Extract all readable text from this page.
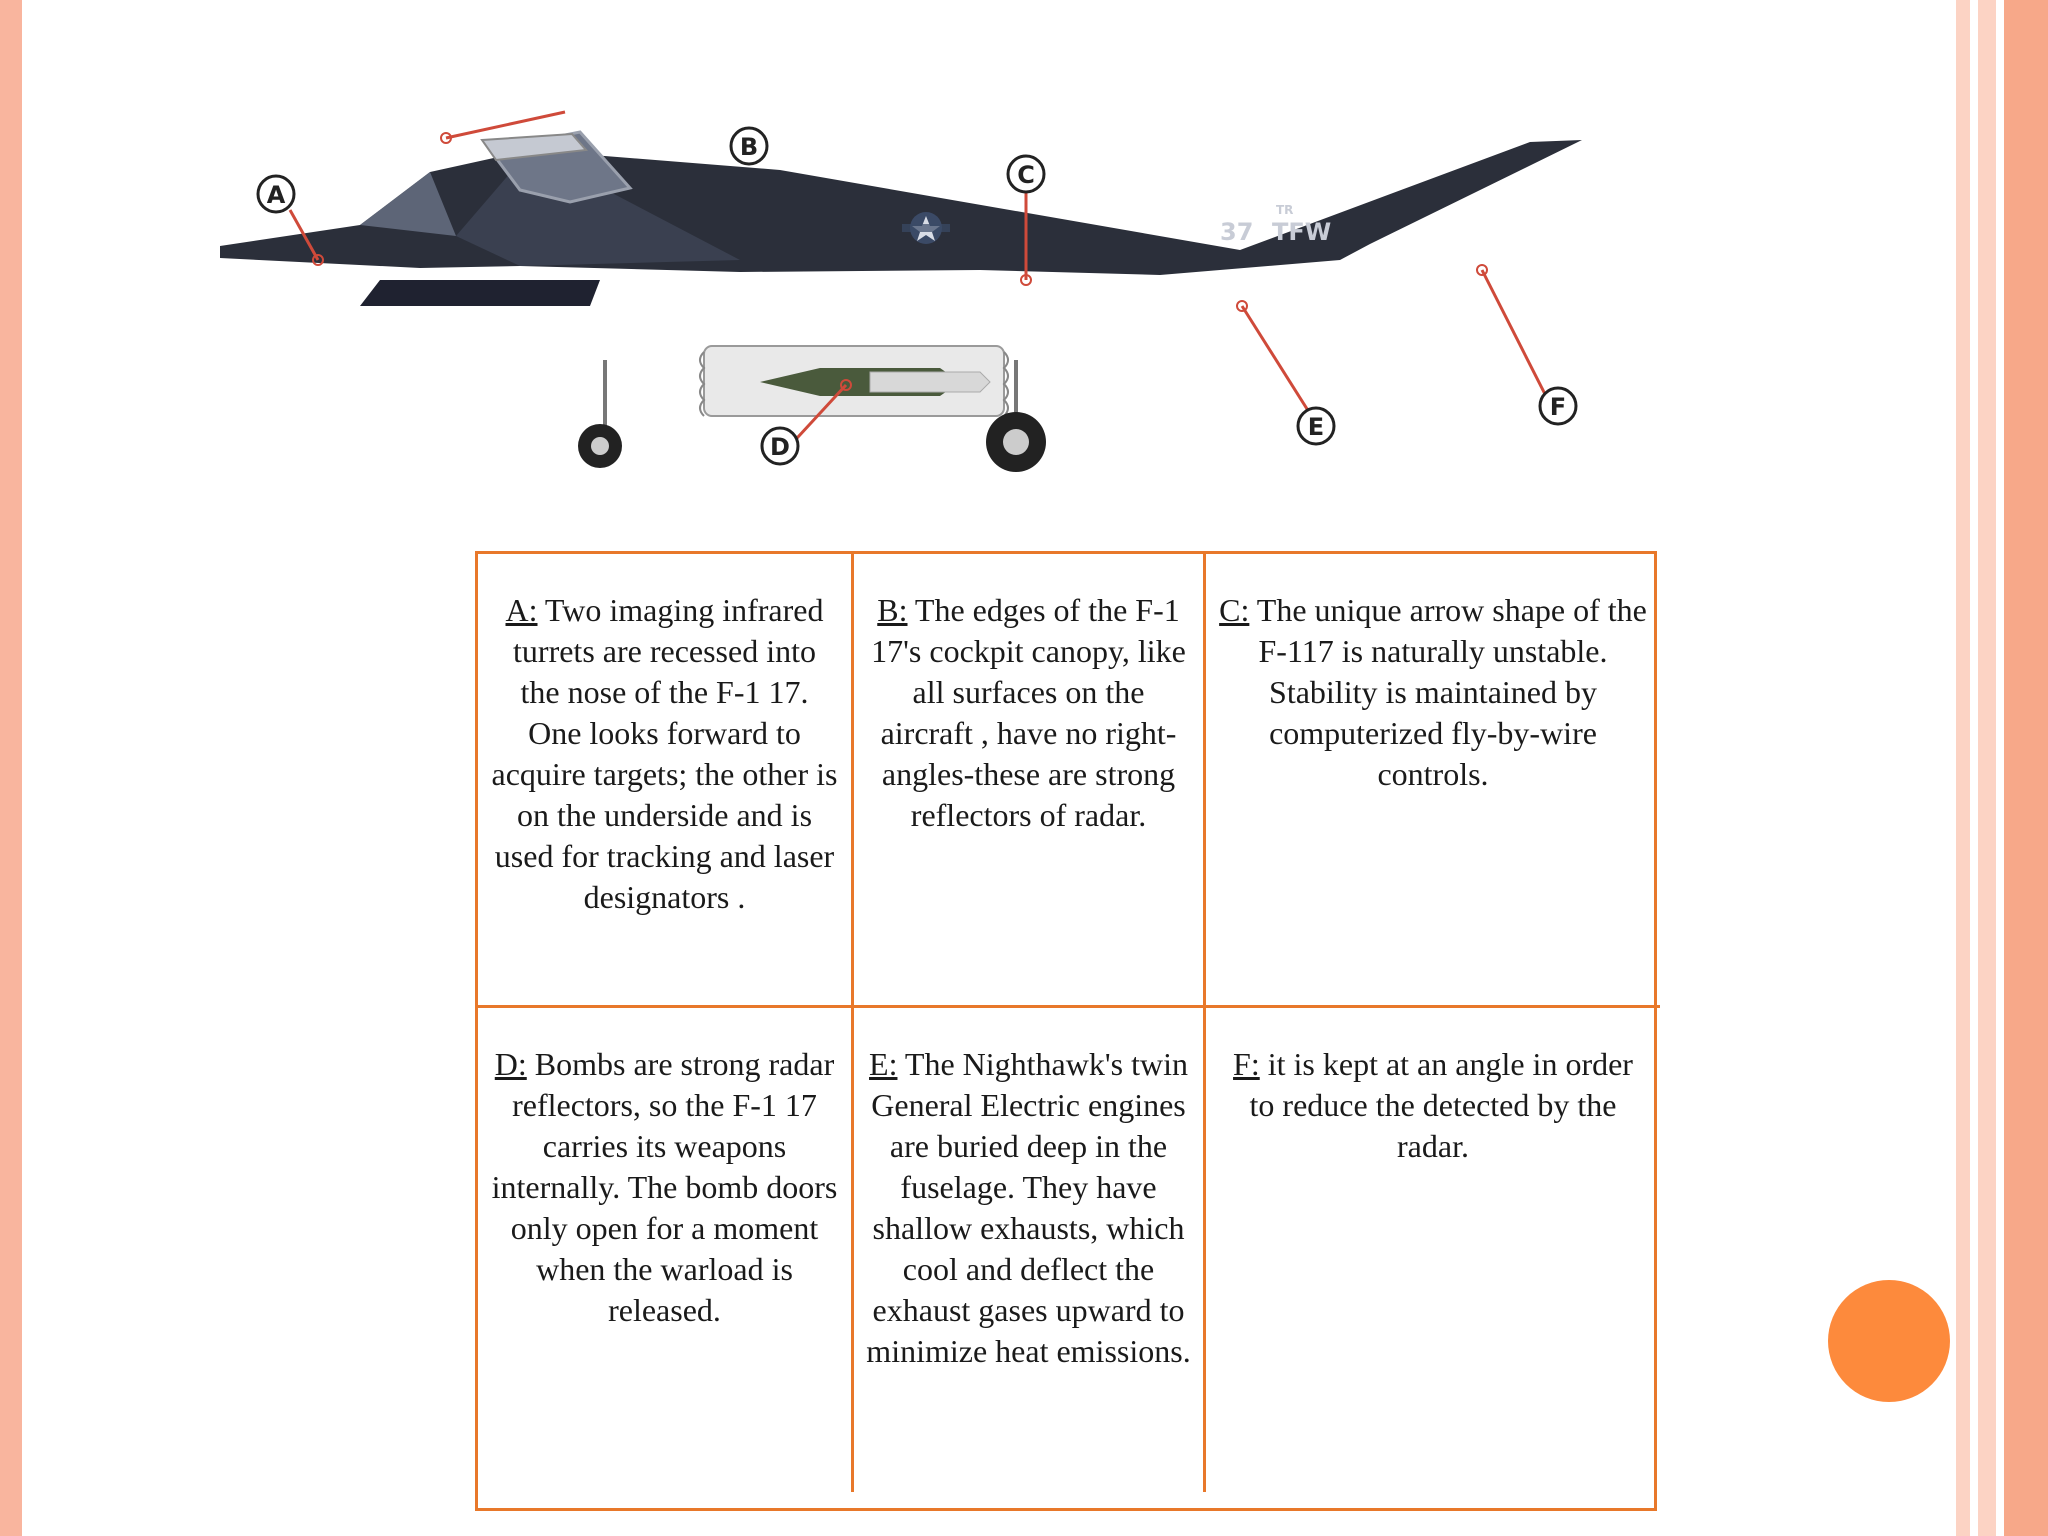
TR
37 TFW
A
B
C
D
E
F
A: Two imaging infrared turrets are recessed into the nose of the F-1 17. One looks forward to acquire targets; the other is on the underside and is used for tracking and laser designators .
B: The edges of the F-1 17's cockpit canopy, like all surfaces on the aircraft , have no right-angles-these are strong reflectors of radar.
C: The unique arrow shape of the F-117 is naturally unstable. Stability is maintained by computerized fly-by-wire controls.
D: Bombs are strong radar reflectors, so the F-1 17 carries its weapons internally. The bomb doors only open for a moment when the warload is released.
E: The Nighthawk's twin General Electric engines are buried deep in the fuselage. They have shallow exhausts, which cool and deflect the exhaust gases upward to minimize heat emissions.
F: it is kept at an angle in order to reduce the detected by the radar.
